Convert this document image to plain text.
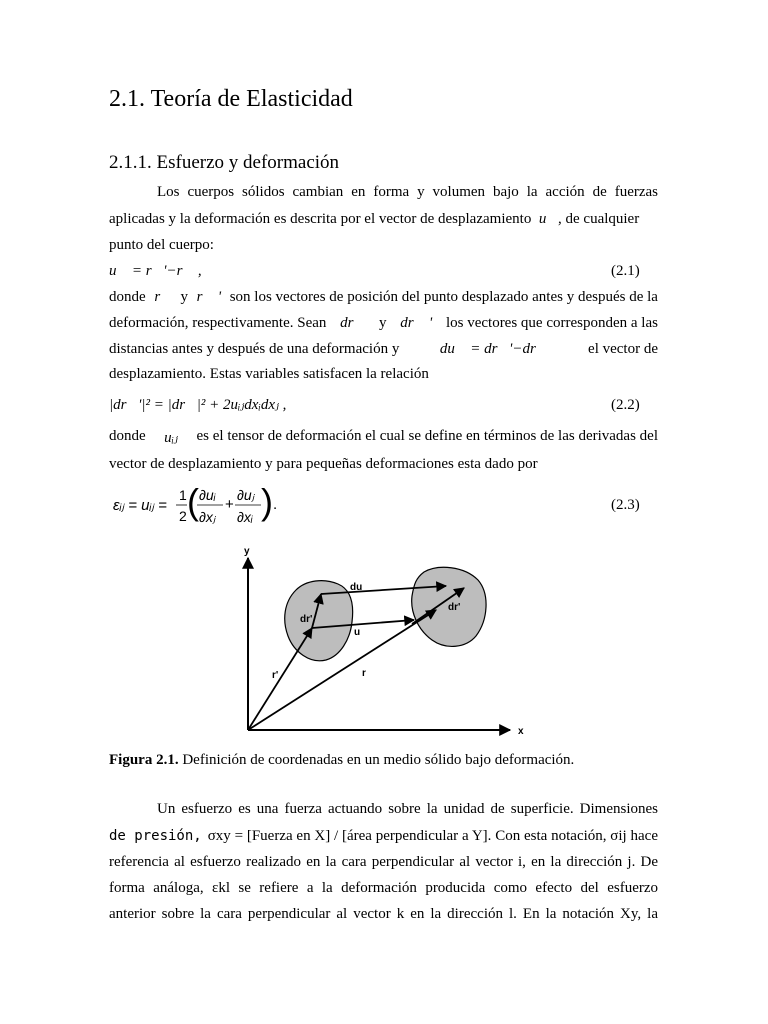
2.1. Teoría de Elasticidad
2.1.1. Esfuerzo y deformación
Los cuerpos sólidos cambian en forma y volumen bajo la acción de fuerzas
aplicadas y la deformación es descrita por el vector de desplazamiento u⃗, de cualquier
punto del cuerpo:
u⃗ = r⃗'−r⃗ ,	(2.1)
donde r⃗ y r⃗ ' son los vectores de posición del punto desplazado antes y después de la
deformación, respectivamente. Sean dr⃗ y dr⃗ ' los vectores que corresponden a las
distancias antes y después de una deformación y	du⃗ = dr⃗'−dr⃗	el vector de
desplazamiento. Estas variables satisfacen la relación
|dr⃗'|² = |dr⃗|² + 2uᵢⱼdxᵢdxⱼ ,	(2.2)
donde uᵢⱼ es el tensor de deformación el cual se define en términos de las derivadas del
vector de desplazamiento y para pequeñas deformaciones esta dado por
εᵢⱼ = uᵢⱼ =
1
2 ( ∂uᵢ
∂xⱼ
+
∂uⱼ
∂xᵢ ) .	(2.3)
y
x
du
dr'
dr'
u
r'	r
Figura 2.1. Definición de coordenadas en un medio sólido bajo deformación.
Un esfuerzo es una fuerza actuando sobre la unidad de superficie. Dimensiones
de presión, σxy = [Fuerza en X] / [área perpendicular a Y]. Con esta notación, σij hace
referencia al esfuerzo realizado en la cara perpendicular al vector i, en la dirección j. De
forma análoga, εkl se refiere a la deformación producida como efecto del esfuerzo
anterior sobre la cara perpendicular al vector k en la dirección l. En la notación Xy, la
